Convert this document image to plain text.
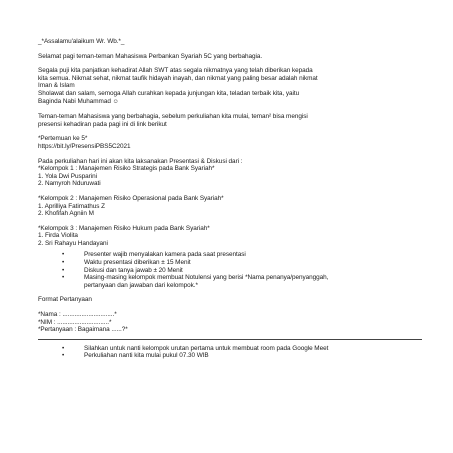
_*Assalamu'alaikum Wr. Wb.*_
Selamat pagi teman-teman Mahasiswa Perbankan Syariah 5C yang berbahagia.
Segala puji kita panjatkan kehadirat Allah SWT atas segala nikmatnya yang telah diberikan kepada
kita semua. Nikmat sehat, nikmat taufik hidayah inayah, dan nikmat yang paling besar adalah nikmat
Iman & Islam
Sholawat dan salam, semoga Allah curahkan kepada junjungan kita, teladan terbaik kita, yaitu
Baginda Nabi Muhammad ☺
Teman-teman Mahasiswa yang berbahagia, sebelum perkuliahan kita mulai, teman² bisa mengisi
presensi kehadiran pada pagi ini di link berikut
*Pertemuan ke 5*
https://bit.ly/PresensiPBS5C2021
Pada perkuliahan hari ini akan kita laksanakan Presentasi & Diskusi dari :
*Kelompok 1 : Manajemen Risiko Strategis pada Bank Syariah*
1. Yola Dwi Pusparini
2. Namyroh Nduruwati
*Kelompok 2 : Manajemen Risiko Operasional pada Bank Syariah*
1. Aprilliya Fatimathus Z
2. Khofifah Agniin M
*Kelompok 3 : Manajemen Risiko Hukum pada Bank Syariah*
1. Firda Violita
2. Sri Rahayu Handayani
•	Presenter wajib menyalakan kamera pada saat presentasi
•	Waktu presentasi diberikan ± 15 Menit
•	Diskusi dan tanya jawab ± 20 Menit
•	Masing-masing kelompok membuat Notulensi yang berisi *Nama penanya/penyanggah,
pertanyaan dan jawaban dari kelompok.*
Format Pertanyaan
*Nama : ..............................*
*NIM : ..............................*
*Pertanyaan : Bagaimana ......?*
•	Silahkan untuk nanti kelompok urutan pertama untuk membuat room pada Google Meet
•	Perkuliahan nanti kita mulai pukul 07.30 WIB
